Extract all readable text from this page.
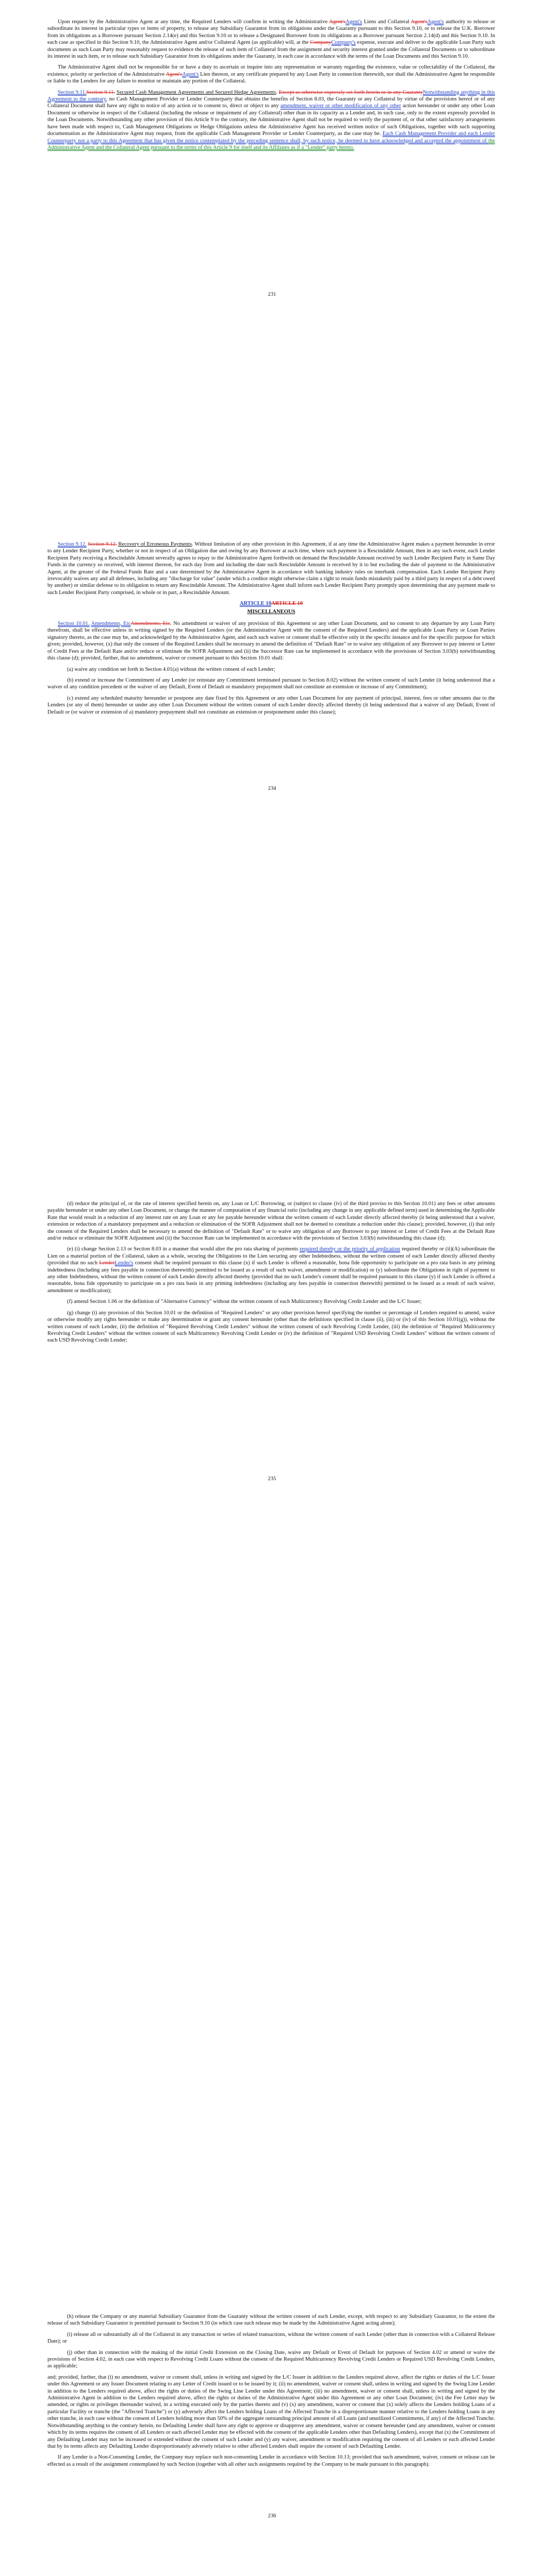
Upon request by the Administrative Agent at any time, the Required Lenders will confirm in writing the Administrative Agent'sAgent's Liens and Collateral Agent'sAgent's authority to release or subordinate its interest in particular types or items of property, to release any Subsidiary Guarantor from its obligations under the Guaranty pursuant to this Section 9.10, or to release the U.K. Borrower from its obligations as a Borrower pursuant Section 2.14(e) and this Section 9.10 or to release a Designated Borrower from its obligations as a Borrower pursuant Section 2.14(d) and this Section 9.10. In each case as specified in this Section 9.10, the Administrative Agent and/or Collateral Agent (as applicable) will, at the CompanyCompany's expense, execute and deliver to the applicable Loan Party such documents as such Loan Party may reasonably request to evidence the release of such item of Collateral from the assignment and security interest granted under the Collateral Documents or to subordinate its interest in such item, or to release such Subsidiary Guarantor from its obligations under the Guaranty, in each case in accordance with the terms of the Loan Documents and this Section 9.10.

The Administrative Agent shall not be responsible for or have a duty to ascertain or inquire into any representation or warranty regarding the existence, value or collectability of the Collateral, the existence, priority or perfection of the Administrative Agent'sAgent's Lien thereon, or any certificate prepared by any Loan Party in connection therewith, nor shall the Administrative Agent be responsible or liable to the Lenders for any failure to monitor or maintain any portion of the Collateral.

Section 9.11.Section 9.11. Secured Cash Management Agreements and Secured Hedge Agreements. Except as otherwise expressly set forth herein or in any GuarantyNotwithstanding anything in this Agreement to the contrary, no Cash Management Provider or Lender Counterparty that obtains the benefits of Section 8.03, the Guaranty or any Collateral by virtue of the provisions hereof or of any Collateral Document shall have any right to notice of any action or to consent to, direct or object to any amendment, waiver or other modification of any other action hereunder or under any other Loan Document or otherwise in respect of the Collateral (including the release or impairment of any Collateral) other than in its capacity as a Lender and, in such case, only to the extent expressly provided in the Loan Documents. Notwithstanding any other provision of this Article 9 to the contrary, the Administrative Agent shall not be required to verify the payment of, or that other satisfactory arrangements have been made with respect to, Cash Management Obligations or Hedge Obligations unless the Administrative Agent has received written notice of such Obligations, together with such supporting documentation as the Administrative Agent may request, from the applicable Cash Management Provider or Lender Counterparty, as the case may be. Each Cash Management Provider and each Lender Counterparty not a party to this Agreement that has given the notice contemplated by the preceding sentence shall, by such notice, be deemed to have acknowledged and accepted the appointment of the Administrative Agent and the Collateral Agent pursuant to the terms of this Article 9 for itself and its Affiliates as if a "Lender" party hereto.

231

Section 9.12. Section 9.12. Recovery of Erroneous Payments. Without limitation of any other provision in this Agreement, if at any time the Administrative Agent makes a payment hereunder in error to any Lender Recipient Party, whether or not in respect of an Obligation due and owing by any Borrower at such time, where such payment is a Rescindable Amount, then in any such event, each Lender Recipient Party receiving a Rescindable Amount severally agrees to repay to the Administrative Agent forthwith on demand the Rescindable Amount received by such Lender Recipient Party in Same Day Funds in the currency so received, with interest thereon, for each day from and including the date such Rescindable Amount is received by it to but excluding the date of payment to the Administrative Agent, at the greater of the Federal Funds Rate and a rate determined by the Administrative Agent in accordance with banking industry rules on interbank compensation. Each Lender Recipient Party irrevocably waives any and all defenses, including any "discharge for value" (under which a creditor might otherwise claim a right to retain funds mistakenly paid by a third party in respect of a debt owed by another) or similar defense to its obligation to return any Rescindable Amount. The Administrative Agent shall inform each Lender Recipient Party promptly upon determining that any payment made to such Lender Recipient Party comprised, in whole or in part, a Rescindable Amount.

ARTICLE 10ARTICLE 10

MISCELLANEOUS

Section 10.01. Amendments, EtcAmendments, Etc. No amendment or waiver of any provision of this Agreement or any other Loan Document, and no consent to any departure by any Loan Party therefrom, shall be effective unless in writing signed by the Required Lenders (or the Administrative Agent with the consent of the Required Lenders) and the applicable Loan Party or Loan Parties signatory thereto, as the case may be, and acknowledged by the Administrative Agent, and each such waiver or consent shall be effective only in the specific instance and for the specific purpose for which given; provided, however, (x) that only the consent of the Required Lenders shall be necessary to amend the definition of "Default Rate" or to waive any obligation of any Borrower to pay interest or Letter of Credit Fees at the Default Rate and/or reduce or eliminate the SOFR Adjustment and (ii) the Successor Rate can be implemented in accordance with the provisions of Section 3.03(b) notwithstanding this clause (d); provided, further, that no amendment, waiver or consent pursuant to this Section 10.01 shall:

(a) waive any condition set forth in Section 4.01(a) without the written consent of each Lender;

(b) extend or increase the Commitment of any Lender (or reinstate any Commitment terminated pursuant to Section 8.02) without the written consent of such Lender (it being understood that a waiver of any condition precedent or the waiver of any Default, Event of Default or mandatory prepayment shall not constitute an extension or increase of any Commitment);

(c) extend any scheduled maturity hereunder or postpone any date fixed by this Agreement or any other Loan Document for any payment of principal, interest, fees or other amounts due to the Lenders (or any of them) hereunder or under any other Loan Document without the written consent of each Lender directly affected thereby (it being understood that a waiver of any Default, Event of Default or (or waiver or extension of a) mandatory prepayment shall not constitute an extension or postponement under this clause);

234

(d) reduce the principal of, or the rate of interest specified herein on, any Loan or L/C Borrowing, or (subject to clause (iv) of the third proviso to this Section 10.01) any fees or other amounts payable hereunder or under any other Loan Document, or change the manner of computation of any financial ratio (including any change in any applicable defined term) used in determining the Applicable Rate that would result in a reduction of any interest rate on any Loan or any fee payable hereunder without the written consent of each Lender directly affected thereby (it being understood that a waiver, extension or reduction of a mandatory prepayment and a reduction or elimination of the SOFR Adjustment shall not be deemed to constitute a reduction under this clause); provided, however, (i) that only the consent of the Required Lenders shall be necessary to amend the definition of "Default Rate" or to waive any obligation of any Borrower to pay interest or Letter of Credit Fees at the Default Rate and/or reduce or eliminate the SOFR Adjustment and (ii) the Successor Rate can be implemented in accordance with the provisions of Section 3.03(b) notwithstanding this clause (d);

(e) (i) change Section 2.13 or Section 8.03 in a manner that would alter the pro rata sharing of payments required thereby or the priority of application required thereby or (ii)(A) subordinate the Lien on a material portion of the Collateral, taken as a whole, securing the Obligations to the Lien securing any other Indebtedness, without the written consent of each Lender directly affected thereby (provided that no such LenderLender's consent shall be required pursuant to this clause (x) if such Lender is offered a reasonable, bona fide opportunity to participate on a pro rata basis in any priming indebtedness (including any fees payable in connection therewith) permitted to be issued as a result of such waiver, amendment or modification) or (y) subordinate the Obligations in right of payment to any other Indebtedness, without the written consent of each Lender directly affected thereby (provided that no such Lender's consent shall be required pursuant to this clause (y) if such Lender is offered a reasonable, bona fide opportunity to participate on a pro rata basis in any priming indebtedness (including any fees payable in connection therewith) permitted to be issued as a result of such waiver, amendment or modification);

(f) amend Section 1.06 or the definition of "Alternative Currency" without the written consent of each Multicurrency Revolving Credit Lender and the L/C Issuer;

(g) change (i) any provision of this Section 10.01 or the definition of "Required Lenders" or any other provision hereof specifying the number or percentage of Lenders required to amend, waive or otherwise modify any rights hereunder or make any determination or grant any consent hereunder (other than the definitions specified in clause (ii), (iii) or (iv) of this Section 10.01(g)), without the written consent of each Lender, (ii) the definition of "Required Revolving Credit Lenders" without the written consent of each Revolving Credit Lender, (iii) the definition of "Required Multicurrency Revolving Credit Lenders" without the written consent of each Multicurrency Revolving Credit Lender or (iv) the definition of "Required USD Revolving Credit Lenders" without the written consent of each USD Revolving Credit Lender;

235

(h) release the Company or any material Subsidiary Guarantor from the Guaranty without the written consent of each Lender, except, with respect to any Subsidiary Guarantor, to the extent the release of such Subsidiary Guarantor is permitted pursuant to Section 9.10 (in which case such release may be made by the Administrative Agent acting alone);

(i) release all or substantially all of the Collateral in any transaction or series of related transactions, without the written consent of each Lender (other than in connection with a Collateral Release Date); or

(j) other than in connection with the making of the initial Credit Extension on the Closing Date, waive any Default or Event of Default for purposes of Section 4.02 or amend or waive the provisions of Section 4.02, in each case with respect to Revolving Credit Loans without the consent of the Required Multicurrency Revolving Credit Lenders or Required USD Revolving Credit Lenders, as applicable;

and; provided, further, that (i) no amendment, waiver or consent shall, unless in writing and signed by the L/C Issuer in addition to the Lenders required above, affect the rights or duties of the L/C Issuer under this Agreement or any Issuer Document relating to any Letter of Credit issued or to be issued by it; (ii) no amendment, waiver or consent shall, unless in writing and signed by the Swing Line Lender in addition to the Lenders required above, affect the rights or duties of the Swing Line Lender under this Agreement; (iii) no amendment, waiver or consent shall, unless in writing and signed by the Administrative Agent in addition to the Lenders required above, affect the rights or duties of the Administrative Agent under this Agreement or any other Loan Document; (iv) the Fee Letter may be amended, or rights or privileges thereunder waived, in a writing executed only by the parties thereto and (v) (x) any amendment, waiver or consent that (x) solely affects the Lenders holding Loans of a particular Facility or tranche (the "Affected Tranche") or (y) adversely affect the Lenders holding Loans of the Affected Tranche in a disproportionate manner relative to the Lenders holding Loans in any other tranche, in each case without the consent of Lenders holding more than 50% of the aggregate outstanding principal amount of all Loans (and unutilized Commitments, if any) of the Affected Tranche. Notwithstanding anything to the contrary herein, no Defaulting Lender shall have any right to approve or disapprove any amendment, waiver or consent hereunder (and any amendment, waiver or consent which by its terms requires the consent of all Lenders or each affected Lender may be effected with the consent of the applicable Lenders other than Defaulting Lenders), except that (x) the Commitment of any Defaulting Lender may not be increased or extended without the consent of such Lender and (y) any waiver, amendment or modification requiring the consent of all Lenders or each affected Lender that by its terms affects any Defaulting Lender disproportionately adversely relative to other affected Lenders shall require the consent of such Defaulting Lender.

If any Lender is a Non-Consenting Lender, the Company may replace such non-consenting Lender in accordance with Section 10.13; provided that such amendment, waiver, consent or release can be effected as a result of the assignment contemplated by such Section (together with all other such assignments required by the Company to be made pursuant to this paragraph).

236
